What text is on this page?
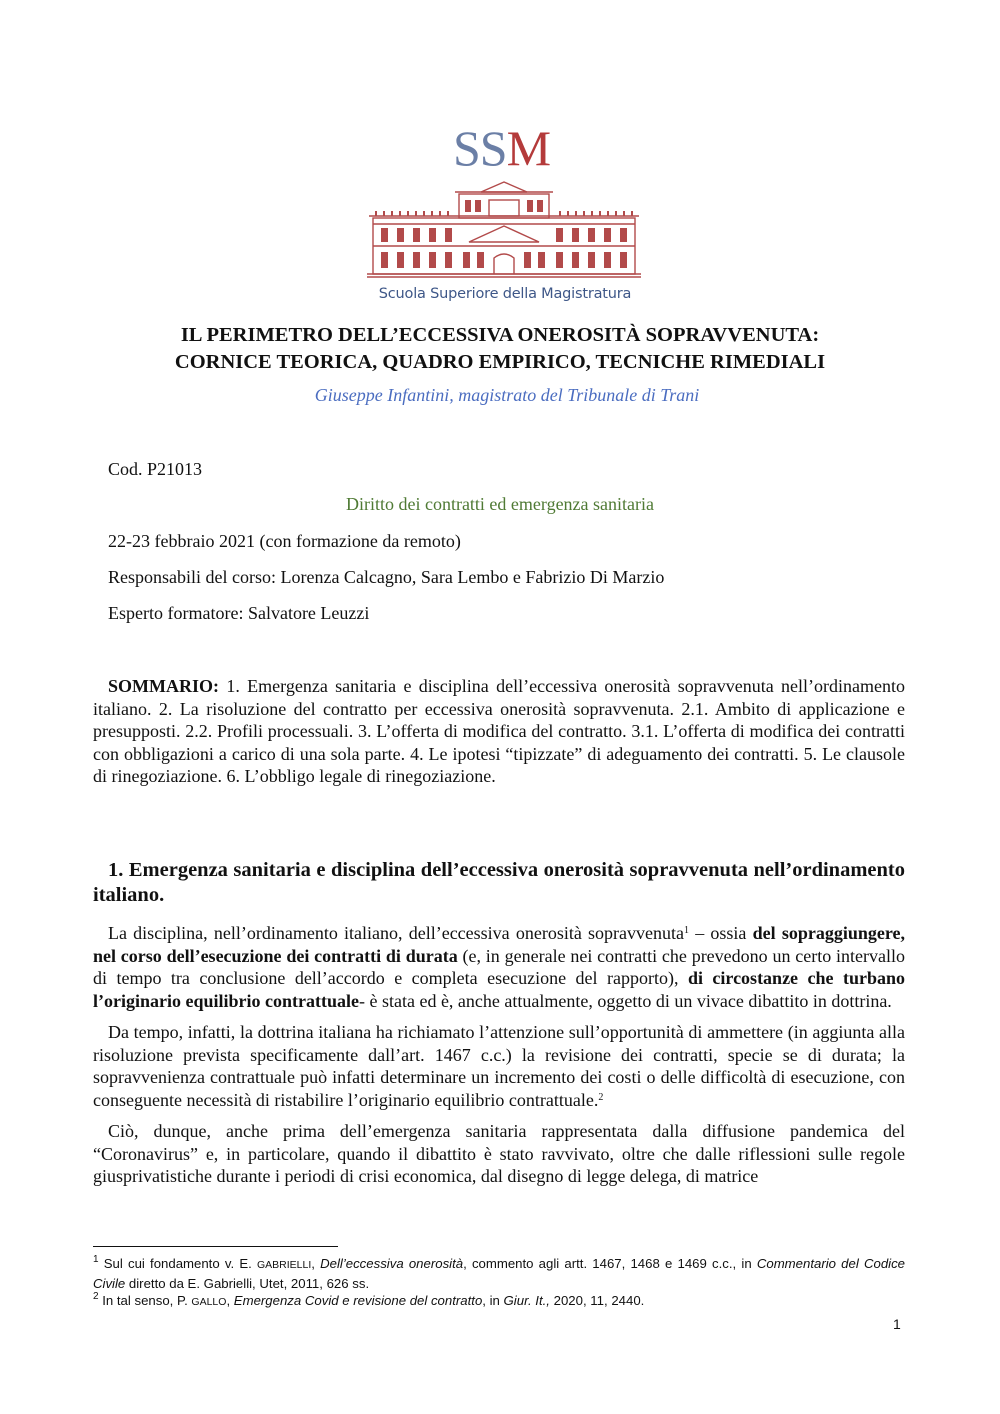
SSM
Scuola Superiore della Magistratura
IL PERIMETRO DELL’ECCESSIVA ONEROSITÀ SOPRAVVENUTA:
CORNICE TEORICA, QUADRO EMPIRICO, TECNICHE RIMEDIALI
Giuseppe Infantini, magistrato del Tribunale di Trani
Cod. P21013
Diritto dei contratti ed emergenza sanitaria
22-23 febbraio 2021 (con formazione da remoto)
Responsabili del corso: Lorenza Calcagno, Sara Lembo e Fabrizio Di Marzio
Esperto formatore: Salvatore Leuzzi
SOMMARIO: 1. Emergenza sanitaria e disciplina dell’eccessiva onerosità sopravvenuta nell’ordinamento italiano. 2. La risoluzione del contratto per eccessiva onerosità sopravvenuta. 2.1. Ambito di applicazione e presupposti. 2.2. Profili processuali. 3. L’offerta di modifica del contratto. 3.1. L’offerta di modifica dei contratti con obbligazioni a carico di una sola parte. 4. Le ipotesi “tipizzate” di adeguamento dei contratti. 5. Le clausole di rinegoziazione. 6. L’obbligo legale di rinegoziazione.
1. Emergenza sanitaria e disciplina dell’eccessiva onerosità sopravvenuta nell’ordinamento italiano.

La disciplina, nell’ordinamento italiano, dell’eccessiva onerosità sopravvenuta$^1$ – ossia del sopraggiungere, nel corso dell’esecuzione dei contratti di durata (e, in generale nei contratti che prevedono un certo intervallo di tempo tra conclusione dell’accordo e completa esecuzione del rapporto), di circostanze che turbano l’originario equilibrio contrattuale- è stata ed è, anche attualmente, oggetto di un vivace dibattito in dottrina.

Da tempo, infatti, la dottrina italiana ha richiamato l’attenzione sull’opportunità di ammettere (in aggiunta alla risoluzione prevista specificamente dall’art. 1467 c.c.) la revisione dei contratti, specie se di durata; la sopravvenienza contrattuale può infatti determinare un incremento dei costi o delle difficoltà di esecuzione, con conseguente necessità di ristabilire l’originario equilibrio contrattuale.$^2$

Ciò, dunque, anche prima dell’emergenza sanitaria rappresentata dalla diffusione pandemica del “Coronavirus” e, in particolare, quando il dibattito è stato ravvivato, oltre che dalle riflessioni sulle regole giusprivatistiche durante i periodi di crisi economica, dal disegno di legge delega, di matrice

$^1$ Sul cui fondamento v. E. GABRIELLI, Dell’eccessiva onerosità, commento agli artt. 1467, 1468 e 1469 c.c., in Commentario del Codice Civile diretto da E. Gabrielli, Utet, 2011, 626 ss.

$^2$ In tal senso, P. GALLO, Emergenza Covid e revisione del contratto, in Giur. It., 2020, 11, 2440.

1
